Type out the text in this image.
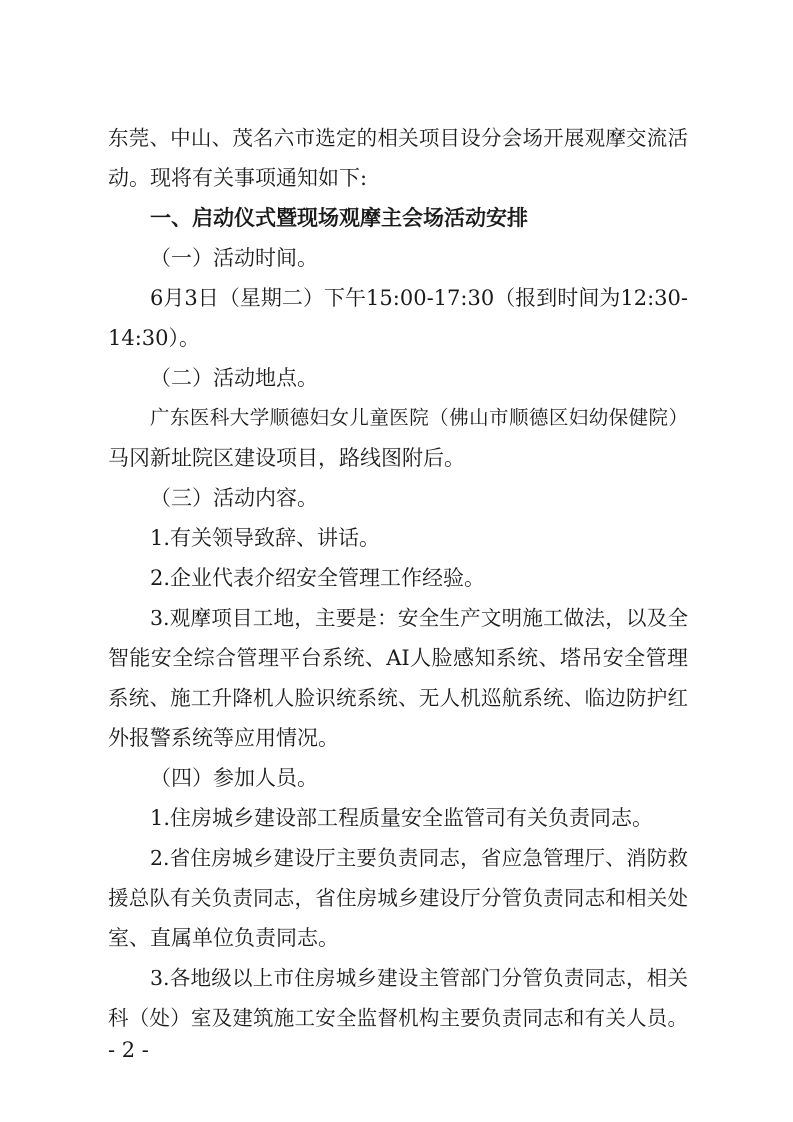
东莞、中山、茂名六市选定的相关项目设分会场开展观摩交流活
动。现将有关事项通知如下:
一、启动仪式暨现场观摩主会场活动安排
（一）活动时间。
6月3日（星期二）下午15:00-17:30（报到时间为12:30-
14:30）。
（二）活动地点。
广东医科大学顺德妇女儿童医院（佛山市顺德区妇幼保健院）
马冈新址院区建设项目，路线图附后。
（三）活动内容。
1.有关领导致辞、讲话。
2.企业代表介绍安全管理工作经验。
3.观摩项目工地，主要是：安全生产文明施工做法，以及全
智能安全综合管理平台系统、AI人脸感知系统、塔吊安全管理
系统、施工升降机人脸识统系统、无人机巡航系统、临边防护红
外报警系统等应用情况。
（四）参加人员。
1.住房城乡建设部工程质量安全监管司有关负责同志。
2.省住房城乡建设厅主要负责同志，省应急管理厅、消防救
援总队有关负责同志，省住房城乡建设厅分管负责同志和相关处
室、直属单位负责同志。
3.各地级以上市住房城乡建设主管部门分管负责同志，相关
科（处）室及建筑施工安全监督机构主要负责同志和有关人员。
- 2 -
